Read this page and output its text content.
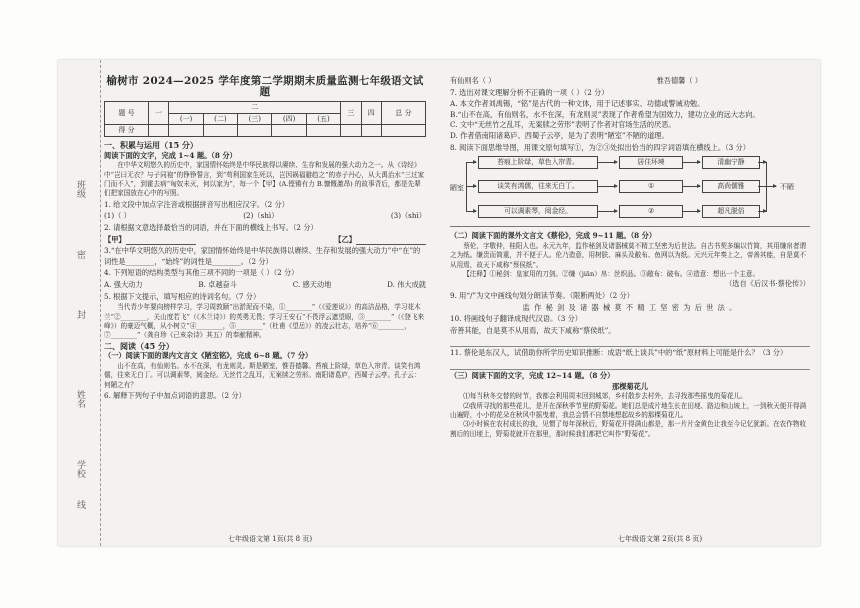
班级
密
封
姓名
学校
线
榆树市 2024—2025 学年度第二学期期末质量监测七年级语文试题
题 号	一	二					三	四	总 分
		(一)	(二)	(三)	(四)	(五)			
得 分									
一、积累与运用（15 分）
阅读下面的文字，完成 1~4 题。（8 分）
在中华文明悠久的历史中，家国情怀始终是中华民族得以赓续、生存和发展的强大动力之一。从《诗经》中“岂曰无衣？与子同袍”的铮铮誓言，到“苟利国家生死以，岂因祸福避趋之”的赤子丹心，从大禹治水“三过家门而不入”，到霍去病“匈奴未灭，何以家为”，每一个【甲】(A.铿锵有力 B.慷慨激昂) 的故事背后，都是先辈们把家国放在心中的写照。
1. 给文段中加点字注音或根据拼音写出相应汉字。（2 分）
(1)（ ）	(2)（shì）	(3)（shì）
2. 请根据文意选择最恰当的词语，并在下面的横线上书写。（2 分）
【甲】	【乙】
3.“在中华文明悠久的历史中，家国情怀始终是中华民族得以赓续、生存和发展的强大动力”中“在”的词性是________，“始终”的词性是________。（2 分）
4. 下列短语的结构类型与其他三项不同的一项是（ ）（2 分）
A. 强大动力	B. 卓越奋斗	C. 感天动地	D. 伟大成就
5. 根据下文提示，填写相应的诗词名句。（7 分）
当代青少年要向榜样学习，学习周敦颐“出淤泥而不染，①________”（《爱莲说》）的高洁品格，学习花木兰“②________，关山度若飞”（《木兰诗》）的英勇无畏；学习王安石“不畏浮云遮望眼，③________”（《登飞来峰》）的豪迈气概，从小树立“④________，⑤________”（杜甫《望岳》）的凌云壮志，培养“⑥________，⑦________”（龚自珍《己亥杂诗》其五）的奉献精神。
二、阅读（45 分）
（一）阅读下面的课内文言文《陋室铭》，完成 6~8 题。（7 分）
山不在高，有仙则名。水不在深，有龙则灵。斯是陋室，惟吾德馨。苔痕上阶绿，草色入帘青。谈笑有鸿儒，往来无白丁。可以调素琴，阅金经。无丝竹之乱耳，无案牍之劳形。南阳诸葛庐，西蜀子云亭。孔子云：何陋之有？
6. 解释下列句子中加点词语的意思。（2 分）
七年级语文第 1页(共 8 页)
有仙则名（ ）	惟吾德馨（ ）
7. 选出对课文理解分析不正确的一项（ ）（2 分）
A. 本文作者刘禹锡，“铭”是古代的一种文体，用于记述事实、功德或警诫劝勉。
B.“山不在高，有仙则名，水不在深，有龙则灵”表现了作者希望为国效力，建功立业的远大志向。
C. 文中“无丝竹之乱耳，无案牍之劳形”表明了作者对官场生活的厌恶。
D. 作者借南阳诸葛庐、西蜀子云亭，是为了表明“陋室”不陋的道理。
8. 阅读下面思维导图，用课文原句填写①，为②③处拟出恰当的四字词语填在横线上。（3 分）
陋室
苔痕上阶绿，草色入帘青。
谈笑有鸿儒，往来无白丁。
可以调素琴，阅金经。
居住环境
①
②
清幽宁静
高尚儒雅
超凡脱俗
不陋
（二）阅读下面的课外文言文《蔡伦》，完成 9~11 题。（8 分）
蔡伦，字敬仲，桂阳人也。永元九年，监作秘剑及诸器械莫不精工坚密为后世法。自古书契多编以竹简，其用缣帛者谓之为纸。缣贵而简重，并不便于人。伦乃造意，用树肤、麻头及敝布、鱼网以为纸。元兴元年奏上之，帝善其能，自是莫不从用焉，故天下咸称“蔡侯纸”。
【注释】①秘剑：皇家用的刀剑。②缣（jiān）帛：丝织品。③敝布：破布。④造意：想出一个主意。
（选自《后汉书·蔡伦传》）
9. 用“/”为文中画线句划分朗读节奏。（限断两处）（2 分）
监 作 秘 剑 及 诸 器 械 莫 不 精 工 坚 密 为 后 世 法 。
10. 将画线句子翻译成现代汉语。（3 分）
帝善其能，自是莫不从用焉，故天下咸称“蔡侯纸”。
11. 蔡伦是东汉人，试借助你所学历史知识推断：成语“纸上谈兵”中的“纸”原材料上可能是什么？（3 分）
（三）阅读下面的文字，完成 12~14 题。（8 分）
那棵菊花儿
⑴每当秋冬交替的时节，我都会利用周末回到城郊，乡村散步去村外，去寻找那些摇曳的菊花儿。
⑵我所寻找的那些花儿，是开在深秋季节里的野菊花。她们总是成片地生长在田埂、路边和山坡上，一到秋天便开得满山遍野，小小的花朵在秋风中摇曳着，我总会情不自禁地想起故乡的那棵菊花儿。
⑶小时候在农村成长的我，见惯了每年深秋后，野菊花开得满山都是，那一片片金黄色让我至今记忆犹新。在农作物收割后的田埂上，野菊花就开在那里，那时候我们都把它叫作“野菊花”。
七年级语文第 2页(共 8 页)
